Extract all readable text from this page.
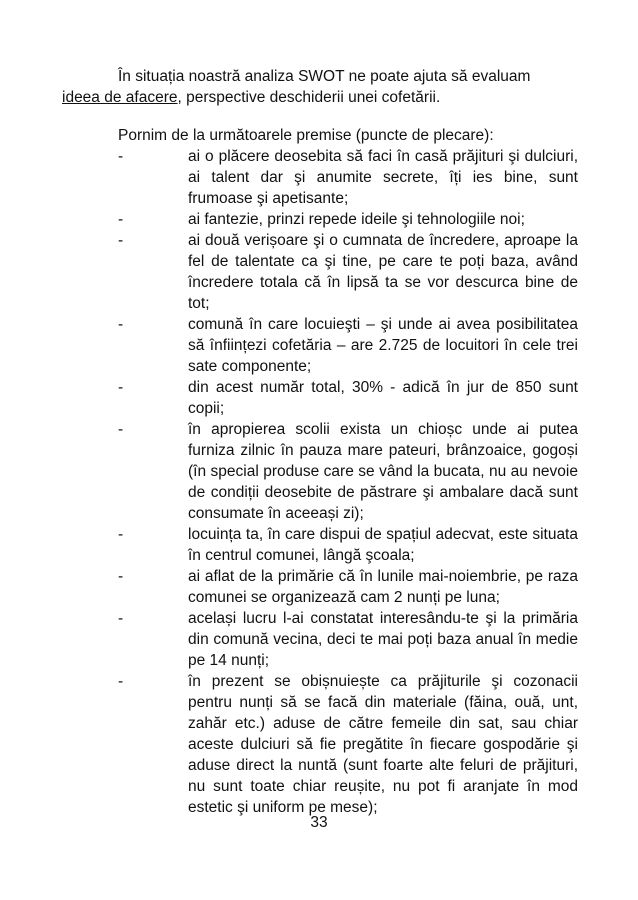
În situația noastră analiza SWOT ne poate ajuta să evaluam
ideea de afacere, perspective deschiderii unei cofetării.

Pornim de la următoarele premise (puncte de plecare):

-	ai o plăcere deosebita să faci în casă prăjituri şi dulciuri, ai talent dar şi anumite secrete, îți ies bine, sunt frumoase şi apetisante;
-	ai fantezie, prinzi repede ideile şi tehnologiile noi;
-	ai două verișoare şi o cumnata de încredere, aproape la fel de talentate ca şi tine, pe care te poți baza, având încredere totala că în lipsă ta se vor descurca bine de tot;
-	comună în care locuieşti – şi unde ai avea posibilitatea să înființezi cofetăria – are 2.725 de locuitori în cele trei sate componente;
-	din acest număr total, 30% - adică în jur de 850 sunt copii;
-	în apropierea scolii exista un chioșc unde ai putea furniza zilnic în pauza mare pateuri, brânzoaice, gogoși (în special produse care se vând la bucata, nu au nevoie de condiții deosebite de păstrare şi ambalare dacă sunt consumate în aceeași zi);
-	locuința ta, în care dispui de spațiul adecvat, este situata în centrul comunei, lângă şcoala;
-	ai aflat de la primărie că în lunile mai-noiembrie, pe raza comunei se organizează cam 2 nunți pe luna;
-	același lucru l-ai constatat interesându-te şi la primăria din comună vecina, deci te mai poți baza anual în medie pe 14 nunți;
-	în prezent se obișnuiește ca prăjiturile şi cozonacii pentru nunți să se facă din materiale (făina, ouă, unt, zahăr etc.) aduse de către femeile din sat, sau chiar aceste dulciuri să fie pregătite în fiecare gospodărie şi aduse direct la nuntă (sunt foarte alte feluri de prăjituri, nu sunt toate chiar reușite, nu pot fi aranjate în mod estetic şi uniform pe mese);

33
